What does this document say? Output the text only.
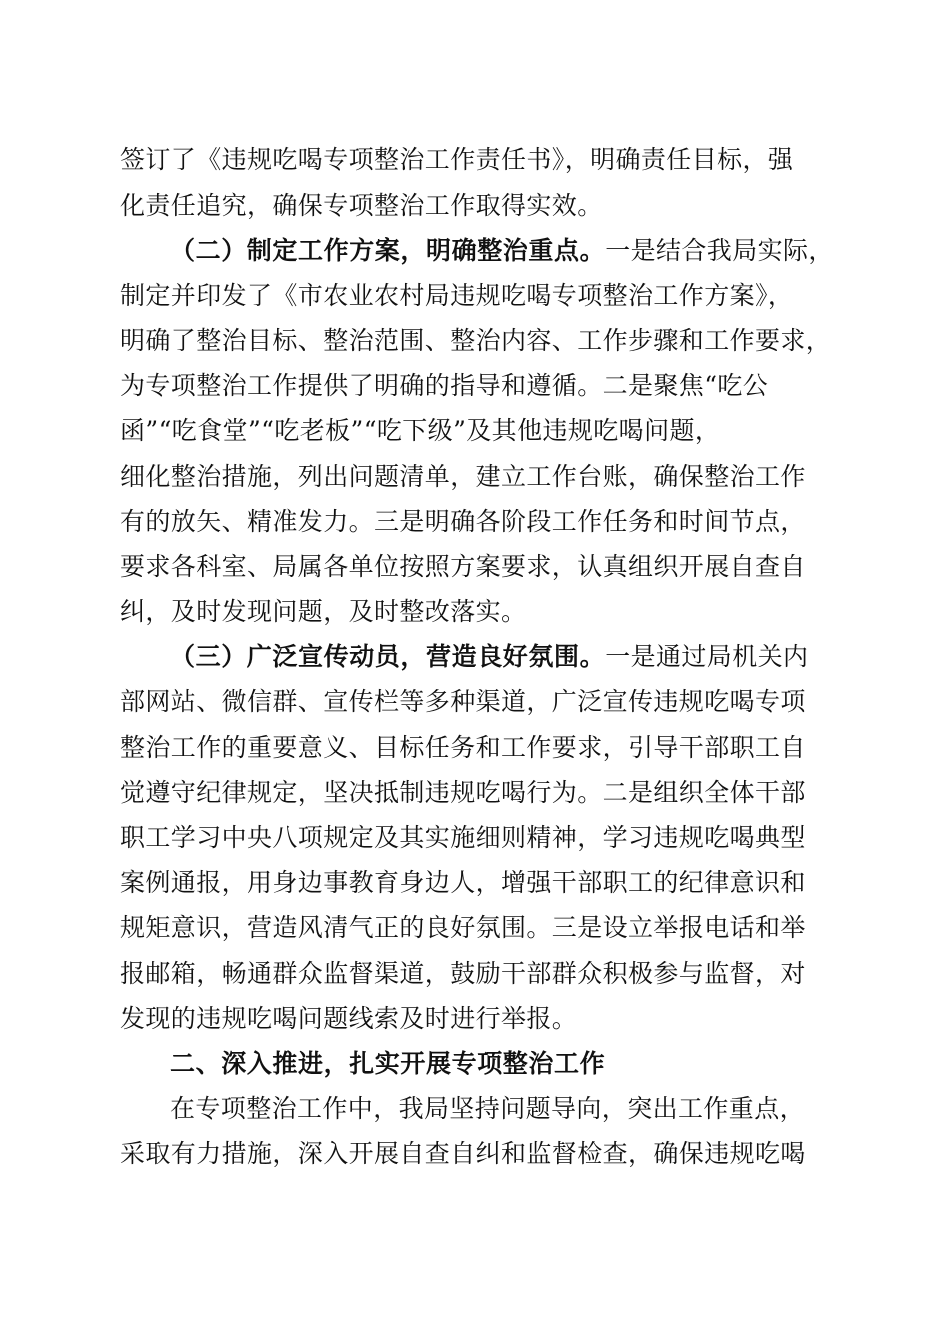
签订了《违规吃喝专项整治工作责任书》，明确责任目标，强
化责任追究，确保专项整治工作取得实效。
（二）制定工作方案，明确整治重点。一是结合我局实际，
制定并印发了《市农业农村局违规吃喝专项整治工作方案》，
明确了整治目标、整治范围、整治内容、工作步骤和工作要求，
为专项整治工作提供了明确的指导和遵循。二是聚焦“吃公
函”“吃食堂”“吃老板”“吃下级”及其他违规吃喝问题，
细化整治措施，列出问题清单，建立工作台账，确保整治工作
有的放矢、精准发力。三是明确各阶段工作任务和时间节点，
要求各科室、局属各单位按照方案要求，认真组织开展自查自
纠，及时发现问题，及时整改落实。
（三）广泛宣传动员，营造良好氛围。一是通过局机关内
部网站、微信群、宣传栏等多种渠道，广泛宣传违规吃喝专项
整治工作的重要意义、目标任务和工作要求，引导干部职工自
觉遵守纪律规定，坚决抵制违规吃喝行为。二是组织全体干部
职工学习中央八项规定及其实施细则精神，学习违规吃喝典型
案例通报，用身边事教育身边人，增强干部职工的纪律意识和
规矩意识，营造风清气正的良好氛围。三是设立举报电话和举
报邮箱，畅通群众监督渠道，鼓励干部群众积极参与监督，对
发现的违规吃喝问题线索及时进行举报。
二、深入推进，扎实开展专项整治工作
在专项整治工作中，我局坚持问题导向，突出工作重点，
采取有力措施，深入开展自查自纠和监督检查，确保违规吃喝
